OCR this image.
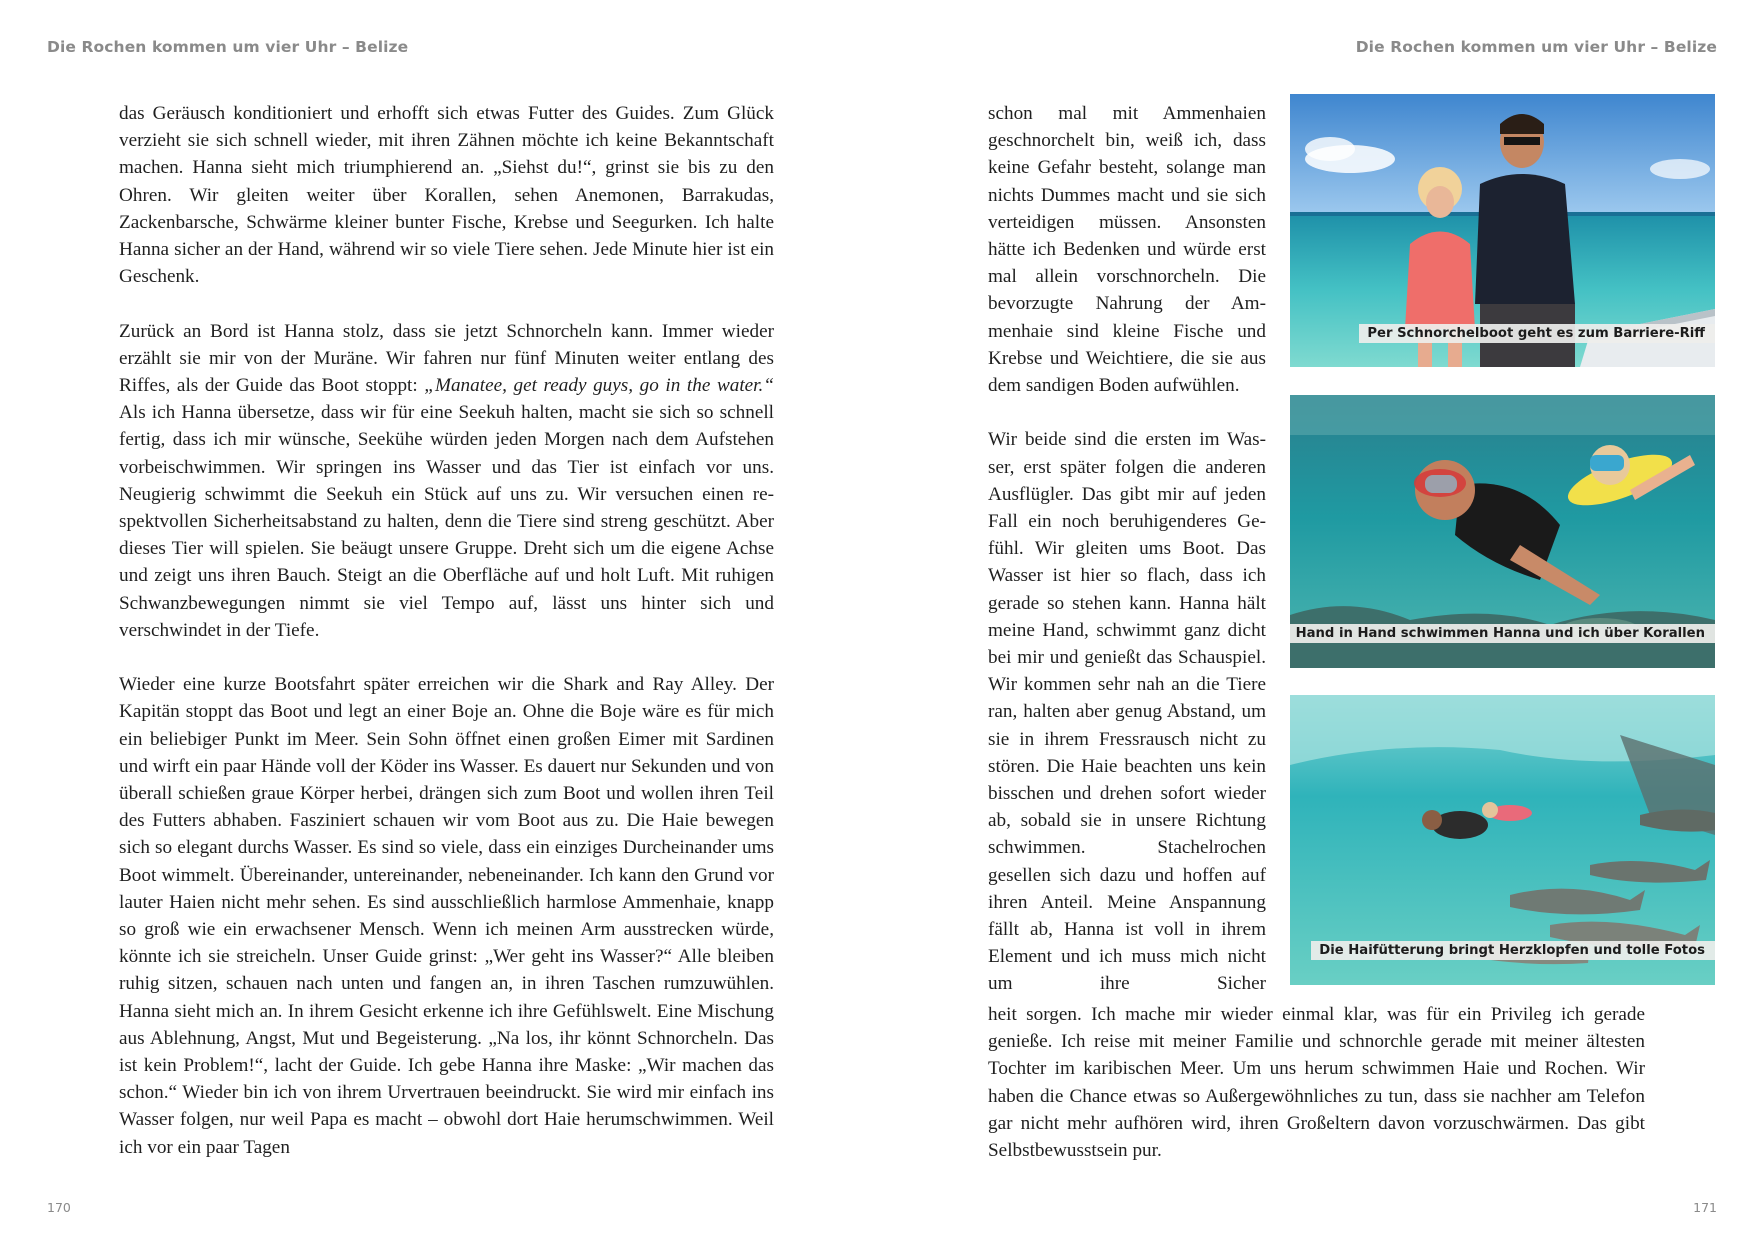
Die Rochen kommen um vier Uhr – Belize	Die Rochen kommen um vier Uhr – Belize

das Geräusch konditioniert und erhofft sich etwas Futter des Guides. Zum Glück verzieht sie sich schnell wieder, mit ihren Zähnen möchte ich keine Bekanntschaft machen. Hanna sieht mich triumphierend an. „Siehst du!“, grinst sie bis zu den Ohren. Wir gleiten weiter über Korallen, sehen Anemonen, Barrakudas, Zackenbarsche, Schwärme kleiner bunter Fische, Krebse und Seegurken. Ich halte Hanna sicher an der Hand, während wir so viele Tiere sehen. Jede Minute hier ist ein Geschenk.

Zurück an Bord ist Hanna stolz, dass sie jetzt Schnorcheln kann. Immer wieder erzählt sie mir von der Muräne. Wir fahren nur fünf Minuten weiter entlang des Riffes, als der Guide das Boot stoppt: „Manatee, get ready guys, go in the water.“ Als ich Hanna übersetze, dass wir für eine Seekuh halten, macht sie sich so schnell fertig, dass ich mir wünsche, Seekühe würden jeden Morgen nach dem Aufstehen vorbeischwimmen. Wir springen ins Wasser und das Tier ist einfach vor uns. Neugierig schwimmt die Seekuh ein Stück auf uns zu. Wir versuchen einen respektvollen Sicherheitsabstand zu halten, denn die Tiere sind streng geschützt. Aber dieses Tier will spielen. Sie beäugt unsere Gruppe. Dreht sich um die eigene Achse und zeigt uns ihren Bauch. Steigt an die Oberfläche auf und holt Luft. Mit ruhigen Schwanzbewegungen nimmt sie viel Tempo auf, lässt uns hinter sich und verschwindet in der Tiefe.

Wieder eine kurze Bootsfahrt später erreichen wir die Shark and Ray Alley. Der Kapitän stoppt das Boot und legt an einer Boje an. Ohne die Boje wäre es für mich ein beliebiger Punkt im Meer. Sein Sohn öffnet einen großen Eimer mit Sardinen und wirft ein paar Hände voll der Köder ins Wasser. Es dauert nur Sekunden und von überall schießen graue Körper herbei, drängen sich zum Boot und wollen ihren Teil des Futters abhaben. Fasziniert schauen wir vom Boot aus zu. Die Haie bewegen sich so elegant durchs Wasser. Es sind so viele, dass ein einziges Durcheinander ums Boot wimmelt. Übereinander, untereinander, nebeneinander. Ich kann den Grund vor lauter Haien nicht mehr sehen. Es sind ausschließlich harmlose Ammenhaie, knapp so groß wie ein erwachsener Mensch. Wenn ich meinen Arm ausstrecken würde, könnte ich sie streicheln. Unser Guide grinst: „Wer geht ins Wasser?“ Alle bleiben ruhig sitzen, schauen nach unten und fangen an, in ihren Taschen rumzuwühlen. Hanna sieht mich an. In ihrem Gesicht erkenne ich ihre Gefühlswelt. Eine Mischung aus Ablehnung, Angst, Mut und Begeisterung. „Na los, ihr könnt Schnorcheln. Das ist kein Problem!“, lacht der Guide. Ich gebe Hanna ihre Maske: „Wir machen das schon.“ Wieder bin ich von ihrem Urvertrauen beeindruckt. Sie wird mir einfach ins Wasser folgen, nur weil Papa es macht – obwohl dort Haie herumschwimmen. Weil ich vor ein paar Tagen

schon mal mit Ammenhaien geschnorchelt bin, weiß ich, dass keine Gefahr besteht, solange man nichts Dummes macht und sie sich verteidigen müssen. Ansonsten hätte ich Bedenken und würde erst mal allein vorschnorcheln. Die bevorzugte Nahrung der Ammenhaie sind kleine Fische und Krebse und Weichtiere, die sie aus dem sandigen Boden aufwühlen.

Wir beide sind die ersten im Wasser, erst später folgen die anderen Ausflügler. Das gibt mir auf jeden Fall ein noch beruhigenderes Gefühl. Wir gleiten ums Boot. Das Wasser ist hier so flach, dass ich gerade so stehen kann. Hanna hält meine Hand, schwimmt ganz dicht bei mir und genießt das Schauspiel. Wir kommen sehr nah an die Tiere ran, halten aber genug Abstand, um sie in ihrem Fressrausch nicht zu stören. Die Haie beachten uns kein bisschen und drehen sofort wieder ab, sobald sie in unsere Richtung schwimmen. Stachelrochen gesellen sich dazu und hoffen auf ihren Anteil. Meine Anspannung fällt ab, Hanna ist voll in ihrem Element und ich muss mich nicht um ihre Sicher

heit sorgen. Ich mache mir wieder einmal klar, was für ein Privileg ich gerade genieße. Ich reise mit meiner Familie und schnorchle gerade mit meiner ältesten Tochter im karibischen Meer. Um uns herum schwimmen Haie und Rochen. Wir haben die Chance etwas so Außergewöhnliches zu tun, dass sie nachher am Telefon gar nicht mehr aufhören wird, ihren Großeltern davon vorzuschwärmen. Das gibt Selbstbewusstsein pur.

Per Schnorchelboot geht es zum Barriere-Riff
Hand in Hand schwimmen Hanna und ich über Korallen
Die Haifütterung bringt Herzklopfen und tolle Fotos
170	171
